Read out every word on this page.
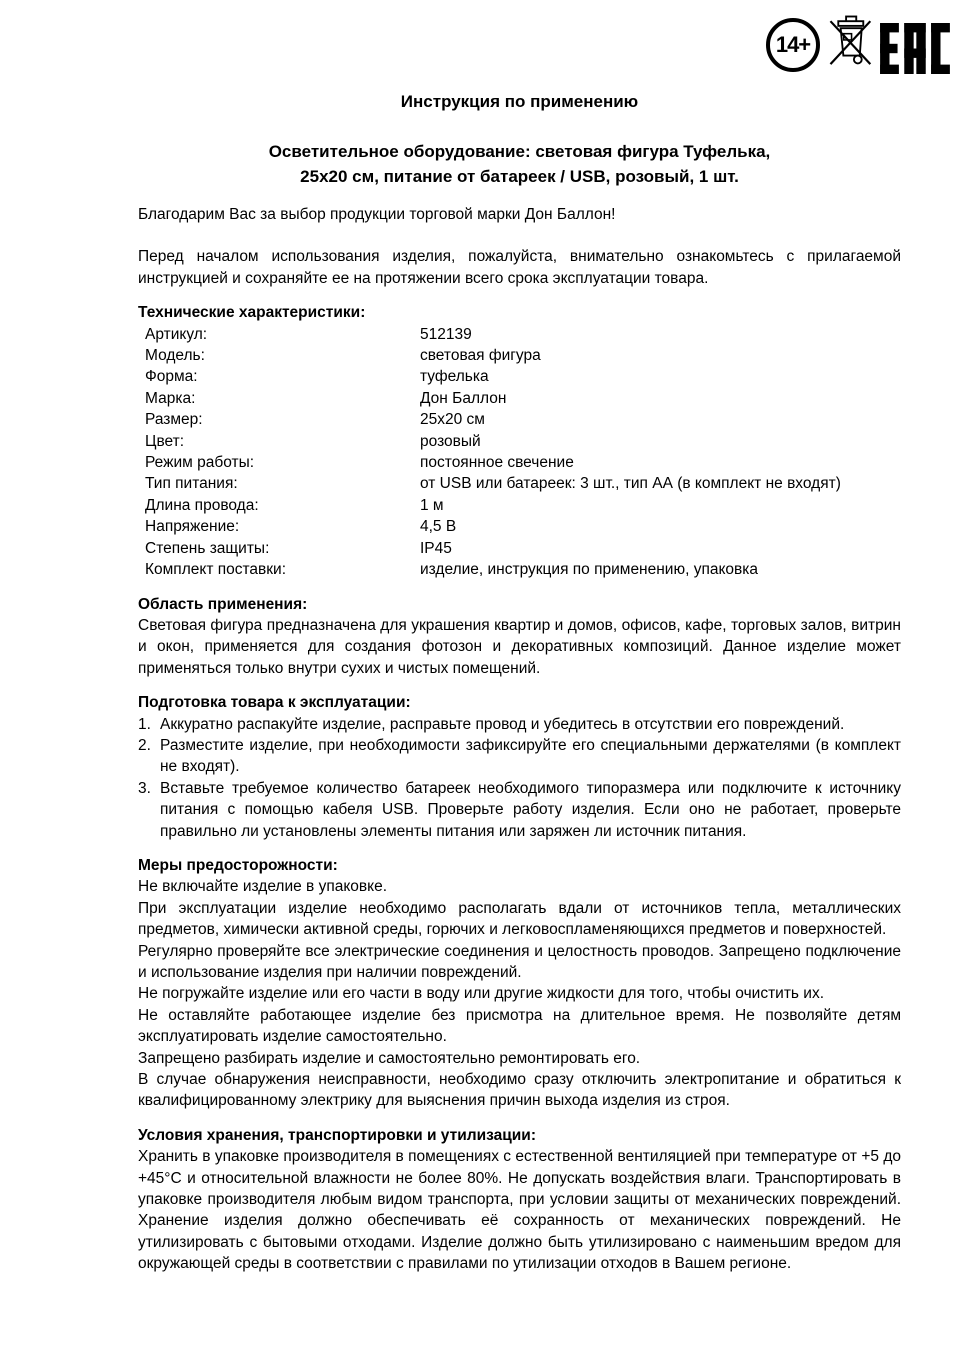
14+
Инструкция по применению
Осветительное оборудование: световая фигура Туфелька,
25х20 см, питание от батареек / USB, розовый, 1 шт.

Благодарим Вас за выбор продукции торговой марки Дон Баллон!

Перед началом использования изделия, пожалуйста, внимательно ознакомьтесь с прилагаемой инструкцией и сохраняйте ее на протяжении всего срока эксплуатации товара.

Технические характеристики:

Артикул:	512139
Модель:	световая фигура
Форма:	туфелька
Марка:	Дон Баллон
Размер:	25х20 см
Цвет:	розовый
Режим работы:	постоянное свечение
Тип питания:	от USB или батареек: 3 шт., тип АА (в комплект не входят)
Длина провода:	1 м
Напряжение:	4,5 В
Степень защиты:	IP45
Комплект поставки:	изделие, инструкция по применению, упаковка

Область применения:

Световая фигура предназначена для украшения квартир и домов, офисов, кафе, торговых залов, витрин и окон, применяется для создания фотозон и декоративных композиций. Данное изделие может применяться только внутри сухих и чистых помещений.

Подготовка товара к эксплуатации:

1. Аккуратно распакуйте изделие, расправьте провод и убедитесь в отсутствии его повреждений.
2. Разместите изделие, при необходимости зафиксируйте его специальными держателями (в комплект не входят).
3. Вставьте требуемое количество батареек необходимого типоразмера или подключите к источнику питания с помощью кабеля USB. Проверьте работу изделия. Если оно не работает, проверьте правильно ли установлены элементы питания или заряжен ли источник питания.

Меры предосторожности:

Не включайте изделие в упаковке.

При эксплуатации изделие необходимо располагать вдали от источников тепла, металлических предметов, химически активной среды, горючих и легковоспламеняющихся предметов и поверхностей.

Регулярно проверяйте все электрические соединения и целостность проводов. Запрещено подключение и использование изделия при наличии повреждений.

Не погружайте изделие или его части в воду или другие жидкости для того, чтобы очистить их.

Не оставляйте работающее изделие без присмотра на длительное время. Не позволяйте детям эксплуатировать изделие самостоятельно.

Запрещено разбирать изделие и самостоятельно ремонтировать его.

В случае обнаружения неисправности, необходимо сразу отключить электропитание и обратиться к квалифицированному электрику для выяснения причин выхода изделия из строя.

Условия хранения, транспортировки и утилизации:

Хранить в упаковке производителя в помещениях с естественной вентиляцией при температуре от +5 до +45°С и относительной влажности не более 80%. Не допускать воздействия влаги. Транспортировать в упаковке производителя любым видом транспорта, при условии защиты от механических повреждений. Хранение изделия должно обеспечивать её сохранность от механических повреждений. Не утилизировать с бытовыми отходами. Изделие должно быть утилизировано с наименьшим вредом для окружающей среды в соответствии с правилами по утилизации отходов в Вашем регионе.
